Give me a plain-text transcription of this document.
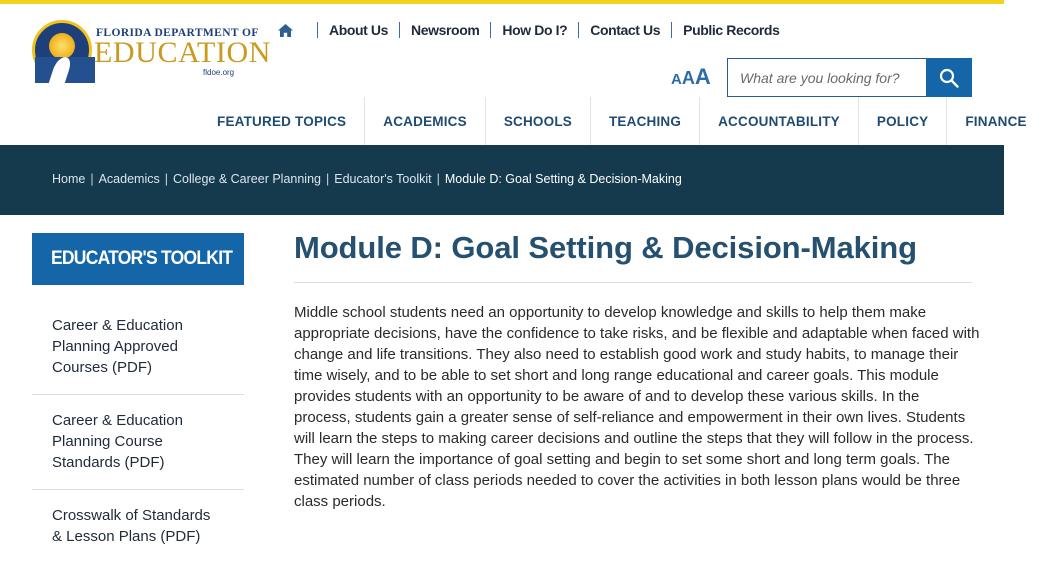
FLORIDA DEPARTMENT OF
EDUCATION
fldoe.org
About Us Newsroom How Do I? Contact Us Public Records
A A A
What are you looking for?
FEATURED TOPICS	ACADEMICS	SCHOOLS	TEACHING	ACCOUNTABILITY	POLICY	FINANCE
Home | Academics | College & Career Planning | Educator's Toolkit | Module D: Goal Setting & Decision-Making
EDUCATOR'S TOOLKIT
Career & Education Planning Approved Courses (PDF)
Career & Education Planning Course Standards (PDF)
Crosswalk of Standards & Lesson Plans (PDF)
Module D: Goal Setting & Decision-Making

Middle school students need an opportunity to develop knowledge and skills to help them make appropriate decisions, have the confidence to take risks, and be flexible and adaptable when faced with change and life transitions. They also need to establish good work and study habits, to manage their time wisely, and to be able to set short and long range educational and career goals. This module provides students with an opportunity to be aware of and to develop these various skills. In the process, students gain a greater sense of self-reliance and empowerment in their own lives. Students will learn the steps to making career decisions and outline the steps that they will follow in the process. They will learn the importance of goal setting and begin to set some short and long term goals. The estimated number of class periods needed to cover the activities in both lesson plans would be three class periods.
